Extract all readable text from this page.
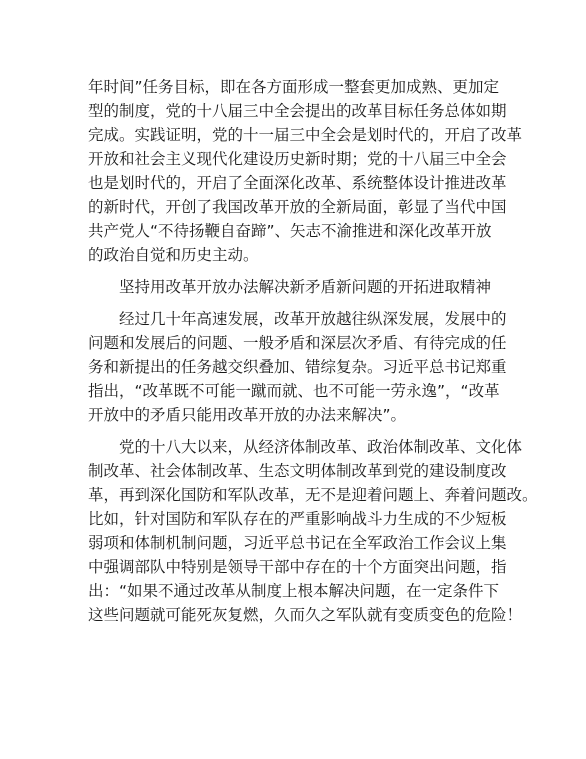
年时间”任务目标，即在各方面形成一整套更加成熟、更加定
型的制度，党的十八届三中全会提出的改革目标任务总体如期
完成。实践证明，党的十一届三中全会是划时代的，开启了改革
开放和社会主义现代化建设历史新时期；党的十八届三中全会
也是划时代的，开启了全面深化改革、系统整体设计推进改革
的新时代，开创了我国改革开放的全新局面，彰显了当代中国
共产党人“不待扬鞭自奋蹄”、矢志不渝推进和深化改革开放
的政治自觉和历史主动。
坚持用改革开放办法解决新矛盾新问题的开拓进取精神
经过几十年高速发展，改革开放越往纵深发展，发展中的
问题和发展后的问题、一般矛盾和深层次矛盾、有待完成的任
务和新提出的任务越交织叠加、错综复杂。习近平总书记郑重
指出，“改革既不可能一蹴而就、也不可能一劳永逸”，“改革
开放中的矛盾只能用改革开放的办法来解决”。
党的十八大以来，从经济体制改革、政治体制改革、文化体
制改革、社会体制改革、生态文明体制改革到党的建设制度改
革，再到深化国防和军队改革，无不是迎着问题上、奔着问题改。
比如，针对国防和军队存在的严重影响战斗力生成的不少短板
弱项和体制机制问题，习近平总书记在全军政治工作会议上集
中强调部队中特别是领导干部中存在的十个方面突出问题，指
出：“如果不通过改革从制度上根本解决问题，在一定条件下
这些问题就可能死灰复燃，久而久之军队就有变质变色的危险！
